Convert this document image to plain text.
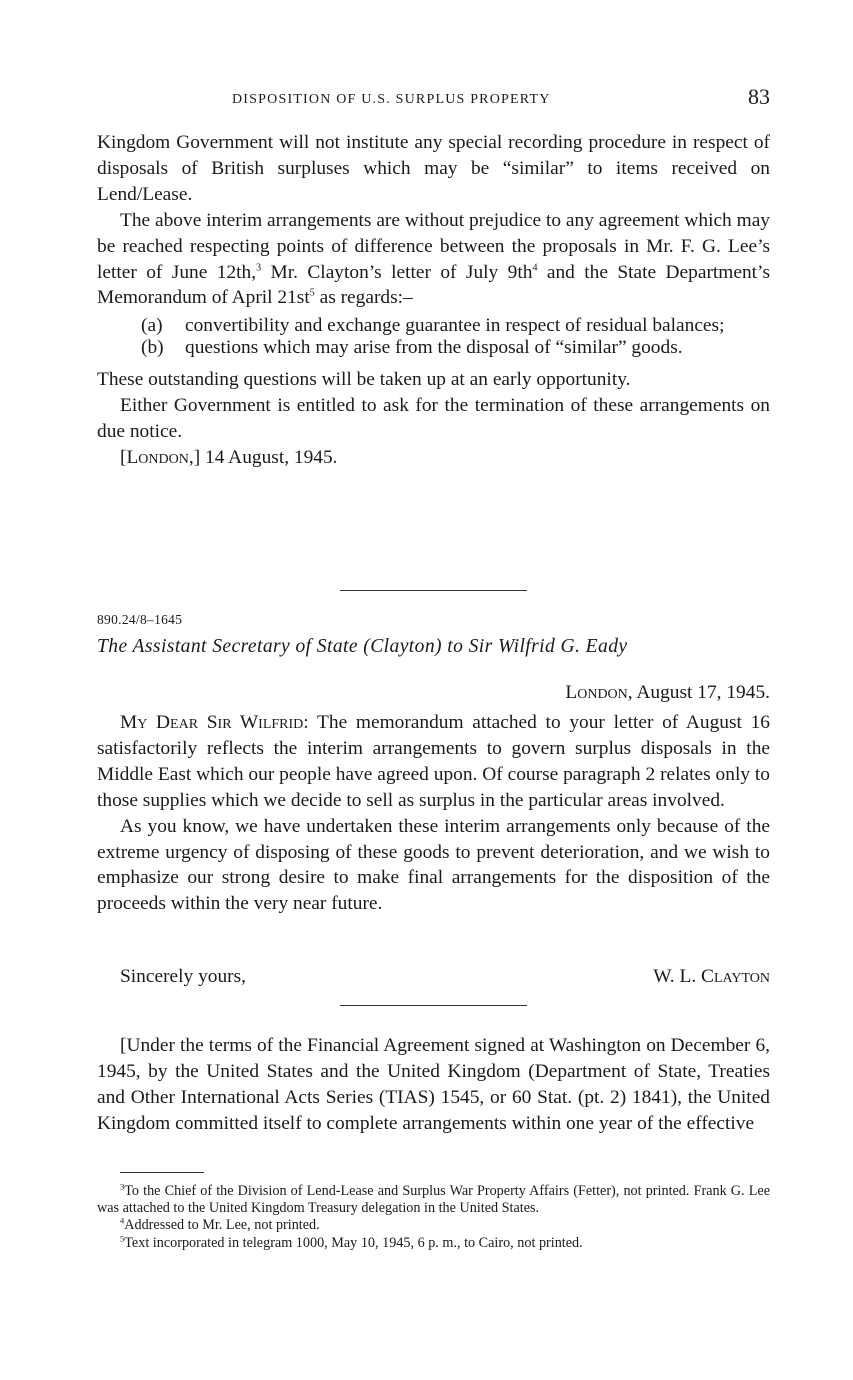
DISPOSITION OF U.S. SURPLUS PROPERTY	83

Kingdom Government will not institute any special recording procedure in respect of disposals of British surpluses which may be “similar” to items received on Lend/Lease.

The above interim arrangements are without prejudice to any agreement which may be reached respecting points of difference between the proposals in Mr. F. G. Lee’s letter of June 12th,$^3$ Mr. Clayton’s letter of July $9th^4$ and the State Department’s Memorandum of April $21st^5$ as regards:–

(a) convertibility and exchange guarantee in respect of residual balances;

(b) questions which may arise from the disposal of “similar” goods.

These outstanding questions will be taken up at an early opportunity.

Either Government is entitled to ask for the termination of these arrangements on due notice.

[London,] 14 August, 1945.

890.24/8–1645
The Assistant Secretary of State (Clayton) to Sir Wilfrid G. Eady
London, August 17, 1945.

My Dear Sir Wilfrid: The memorandum attached to your letter of August 16 satisfactorily reflects the interim arrangements to govern surplus disposals in the Middle East which our people have agreed upon. Of course paragraph 2 relates only to those supplies which we decide to sell as surplus in the particular areas involved.

As you know, we have undertaken these interim arrangements only because of the extreme urgency of disposing of these goods to prevent deterioration, and we wish to emphasize our strong desire to make final arrangements for the disposition of the proceeds within the very near future.

Sincerely yours,	W. L. Clayton

[Under the terms of the Financial Agreement signed at Washington on December 6, 1945, by the United States and the United Kingdom (Department of State, Treaties and Other International Acts Series (TIAS) 1545, or 60 Stat. (pt. 2) 1841), the United Kingdom committed itself to complete arrangements within one year of the effective

$^3$To the Chief of the Division of Lend-Lease and Surplus War Property Affairs (Fetter), not printed. Frank G. Lee was attached to the United Kingdom Treasury delegation in the United States.

$^4$Addressed to Mr. Lee, not printed.

$^5$Text incorporated in telegram 1000, May 10, 1945, 6 p. m., to Cairo, not printed.
